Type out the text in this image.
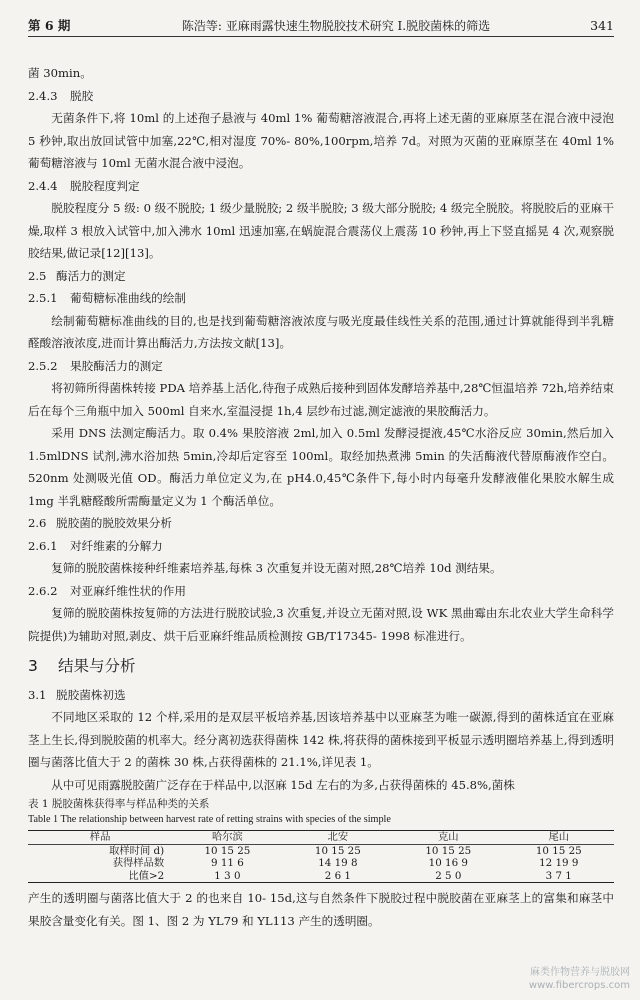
第 6 期	陈浩等: 亚麻雨露快速生物脱胶技术研究 Ⅰ.脱胶菌株的筛选	341

菌 30min。

2.4.3 脱胶

无菌条件下,将 10ml 的上述孢子悬液与 40ml 1% 葡萄糖溶液混合,再将上述无菌的亚麻原茎在混合液中浸泡 5 秒钟,取出放回试管中加塞,22℃,相对湿度 70%- 80%,100rpm,培养 7d。对照为灭菌的亚麻原茎在 40ml 1% 葡萄糖溶液与 10ml 无菌水混合液中浸泡。

2.4.4 脱胶程度判定

脱胶程度分 5 级: 0 级不脱胶; 1 级少量脱胶; 2 级半脱胶; 3 级大部分脱胶; 4 级完全脱胶。将脱胶后的亚麻干燥,取样 3 根放入试管中,加入沸水 10ml 迅速加塞,在蜗旋混合震荡仪上震荡 10 秒钟,再上下竖直摇晃 4 次,观察脱胶结果,做记录[12][13]。

2.5 酶活力的测定

2.5.1 葡萄糖标准曲线的绘制

绘制葡萄糖标准曲线的目的,也是找到葡萄糖溶液浓度与吸光度最佳线性关系的范围,通过计算就能得到半乳糖醛酸溶液浓度,进而计算出酶活力,方法按文献[13]。

2.5.2 果胶酶活力的测定

将初筛所得菌株转接 PDA 培养基上活化,待孢子成熟后接种到固体发酵培养基中,28℃恒温培养 72h,培养结束后在每个三角瓶中加入 500ml 自来水,室温浸提 1h,4 层纱布过滤,测定滤液的果胶酶活力。

采用 DNS 法测定酶活力。取 0.4% 果胶溶液 2ml,加入 0.5ml 发酵浸提液,45℃水浴反应 30min,然后加入 1.5mlDNS 试剂,沸水浴加热 5min,冷却后定容至 100ml。取经加热煮沸 5min 的失活酶液代替原酶液作空白。520nm 处测吸光值 OD。酶活力单位定义为,在 pH4.0,45℃条件下,每小时内每毫升发酵液催化果胶水解生成 1mg 半乳糖醛酸所需酶量定义为 1 个酶活单位。

2.6 脱胶菌的脱胶效果分析

2.6.1 对纤维素的分解力

复筛的脱胶菌株接种纤维素培养基,每株 3 次重复并设无菌对照,28℃培养 10d 测结果。

2.6.2 对亚麻纤维性状的作用

复筛的脱胶菌株按复筛的方法进行脱胶试验,3 次重复,并设立无菌对照,设 WK 黑曲霉由东北农业大学生命科学院提供)为辅助对照,剥皮、烘干后亚麻纤维品质检测按 GB/T17345- 1998 标准进行。

3 结果与分析

3.1 脱胶菌株初选

不同地区采取的 12 个样,采用的是双层平板培养基,因该培养基中以亚麻茎为唯一碳源,得到的菌株适宜在亚麻茎上生长,得到脱胶菌的机率大。经分离初选获得菌株 142 株,将获得的菌株接到平板显示透明圈培养基上,得到透明圈与菌落比值大于 2 的菌株 30 株,占获得菌株的 21.1%,详见表 1。

从中可见雨露脱胶菌广泛存在于样品中,以沤麻 15d 左右的为多,占获得菌株的 45.8%,菌株

表 1 脱胶菌株获得率与样品种类的关系

Table 1 The relationship between harvest rate of retting strains with species of the simple

样品	哈尔滨	北安	克山	尾山
取样时间 d)	10 15 25	10 15 25	10 15 25	10 15 25
获得样品数	9 11 6	14 19 8	10 16 9	12 19 9
比值>2	1 3 0	2 6 1	2 5 0	3 7 1

产生的透明圈与菌落比值大于 2 的也来自 10- 15d,这与自然条件下脱胶过程中脱胶菌在亚麻茎上的富集和麻茎中果胶含量变化有关。图 1、图 2 为 YL79 和 YL113 产生的透明圈。

麻类作物营养与脱胶网
www.fibercrops.com
